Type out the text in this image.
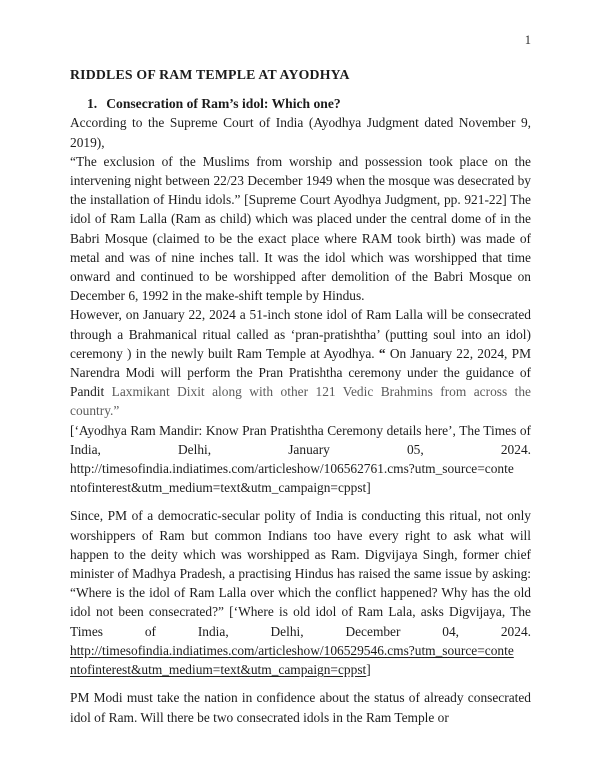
1
RIDDLES OF RAM TEMPLE AT AYODHYA
1. Consecration of Ram’s idol: Which one?

According to the Supreme Court of India (Ayodhya Judgment dated November 9, 2019),

“The exclusion of the Muslims from worship and possession took place on the intervening night between 22/23 December 1949 when the mosque was desecrated by the installation of Hindu idols.” [Supreme Court Ayodhya Judgment, pp. 921-22] The idol of Ram Lalla (Ram as child) which was placed under the central dome of in the Babri Mosque (claimed to be the exact place where RAM took birth) was made of metal and was of nine inches tall. It was the idol which was worshipped that time onward and continued to be worshipped after demolition of the Babri Mosque on December 6, 1992 in the make-shift temple by Hindus.

However, on January 22, 2024 a 51-inch stone idol of Ram Lalla will be consecrated through a Brahmanical ritual called as ‘pran-pratishtha’ (putting soul into an idol) ceremony ) in the newly built Ram Temple at Ayodhya. “ On January 22, 2024, PM Narendra Modi will perform the Pran Pratishtha ceremony under the guidance of Pandit Laxmikant Dixit along with other 121 Vedic Brahmins from across the country.”

[‘Ayodhya Ram Mandir: Know Pran Pratishtha Ceremony details here’, The Times of India, Delhi, January 05, 2024.

http://timesofindia.indiatimes.com/articleshow/106562761.cms?utm_source=conte
ntofinterest&utm_medium=text&utm_campaign=cppst]

Since, PM of a democratic-secular polity of India is conducting this ritual, not only worshippers of Ram but common Indians too have every right to ask what will happen to the deity which was worshipped as Ram. Digvijaya Singh, former chief minister of Madhya Pradesh, a practising Hindus has raised the same issue by asking: “Where is the idol of Ram Lalla over which the conflict happened? Why has the old idol not been consecrated?” [‘Where is old idol of Ram Lala, asks Digvijaya, The Times of India, Delhi, December 04, 2024.

http://timesofindia.indiatimes.com/articleshow/106529546.cms?utm_source=conte
ntofinterest&utm_medium=text&utm_campaign=cppst]

PM Modi must take the nation in confidence about the status of already consecrated idol of Ram. Will there be two consecrated idols in the Ram Temple or
